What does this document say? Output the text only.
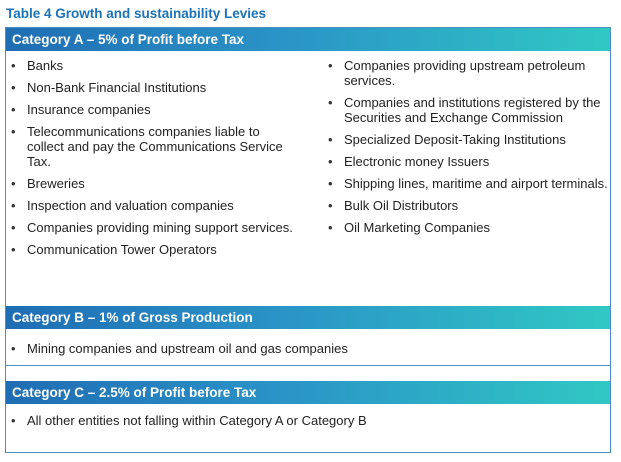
Table 4 Growth and sustainability Levies
Category A – 5% of Profit before Tax
• Banks
• Non-Bank Financial Institutions
• Insurance companies
• Telecommunications companies liable to collect and pay the Communications Service Tax.
• Breweries
• Inspection and valuation companies
• Companies providing mining support services.
• Communication Tower Operators
• Companies providing upstream petroleum services.
• Companies and institutions registered by the Securities and Exchange Commission
• Specialized Deposit-Taking Institutions
• Electronic money Issuers
• Shipping lines, maritime and airport terminals.
• Bulk Oil Distributors
• Oil Marketing Companies
Category B – 1% of Gross Production
• Mining companies and upstream oil and gas companies
Category C – 2.5% of Profit before Tax
• All other entities not falling within Category A or Category B
